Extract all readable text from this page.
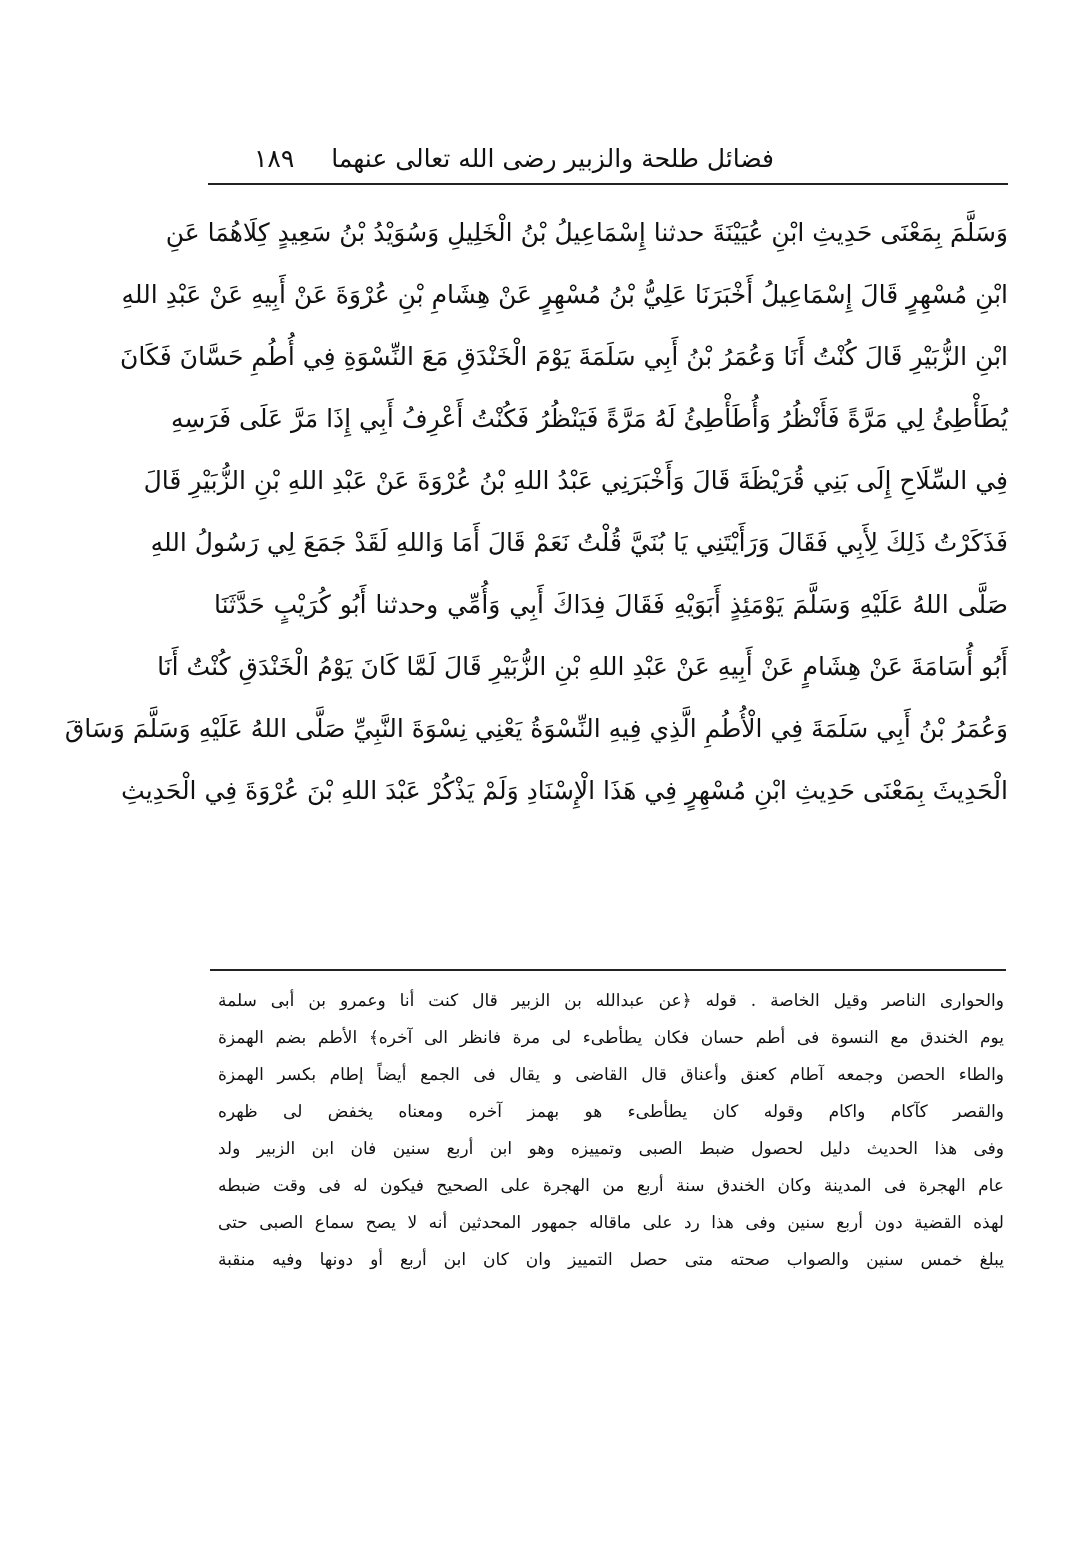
فضائل طلحة والزبير رضى الله تعالى عنهما
١٨٩
وَسَلَّمَ بِمَعْنَى حَدِيثِ ابْنِ عُيَيْنَةَ حدثنا إِسْمَاعِيلُ بْنُ الْخَلِيلِ وَسُوَيْدُ بْنُ سَعِيدٍ كِلَاهُمَا عَنِ
ابْنِ مُسْهِرٍ قَالَ إِسْمَاعِيلُ أَخْبَرَنَا عَلِيُّ بْنُ مُسْهِرٍ عَنْ هِشَامِ بْنِ عُرْوَةَ عَنْ أَبِيهِ عَنْ عَبْدِ اللهِ
ابْنِ الزُّبَيْرِ قَالَ كُنْتُ أَنَا وَعُمَرُ بْنُ أَبِي سَلَمَةَ يَوْمَ الْخَنْدَقِ مَعَ النِّسْوَةِ فِي أُطُمِ حَسَّانَ فَكَانَ
يُطَأْطِئُ لِي مَرَّةً فَأَنْظُرُ وَأُطَأْطِئُ لَهُ مَرَّةً فَيَنْظُرُ فَكُنْتُ أَعْرِفُ أَبِي إِذَا مَرَّ عَلَى فَرَسِهِ
فِي السِّلَاحِ إِلَى بَنِي قُرَيْظَةَ قَالَ وَأَخْبَرَنِي عَبْدُ اللهِ بْنُ عُرْوَةَ عَنْ عَبْدِ اللهِ بْنِ الزُّبَيْرِ قَالَ
فَذَكَرْتُ ذَلِكَ لِأَبِي فَقَالَ وَرَأَيْتَنِي يَا بُنَيَّ قُلْتُ نَعَمْ قَالَ أَمَا وَاللهِ لَقَدْ جَمَعَ لِي رَسُولُ اللهِ
صَلَّى اللهُ عَلَيْهِ وَسَلَّمَ يَوْمَئِذٍ أَبَوَيْهِ فَقَالَ فِدَاكَ أَبِي وَأُمِّي وحدثنا أَبُو كُرَيْبٍ حَدَّثَنَا
أَبُو أُسَامَةَ عَنْ هِشَامٍ عَنْ أَبِيهِ عَنْ عَبْدِ اللهِ بْنِ الزُّبَيْرِ قَالَ لَمَّا كَانَ يَوْمُ الْخَنْدَقِ كُنْتُ أَنَا
وَعُمَرُ بْنُ أَبِي سَلَمَةَ فِي الْأُطُمِ الَّذِي فِيهِ النِّسْوَةُ يَعْنِي نِسْوَةَ النَّبِيِّ صَلَّى اللهُ عَلَيْهِ وَسَلَّمَ وَسَاقَ
الْحَدِيثَ بِمَعْنَى حَدِيثِ ابْنِ مُسْهِرٍ فِي هَذَا الْإِسْنَادِ وَلَمْ يَذْكُرْ عَبْدَ اللهِ بْنَ عُرْوَةَ فِي الْحَدِيثِ
والحوارى الناصر وقيل الخاصة . قوله ﴿عن عبدالله بن الزبير قال كنت أنا وعمرو بن أبى سلمة
يوم الخندق مع النسوة فى أطم حسان فكان يطأطىء لى مرة فانظر الى آخره﴾ الأطم بضم الهمزة
والطاء الحصن وجمعه آطام كعنق وأعناق قال القاضى و يقال فى الجمع أيضاً إطام بكسر الهمزة
والقصر كآكام واكام وقوله كان يطأطىء هو بهمز آخره ومعناه يخفض لى ظهره
وفى هذا الحديث دليل لحصول ضبط الصبى وتمييزه وهو ابن أربع سنين فان ابن الزبير ولد
عام الهجرة فى المدينة وكان الخندق سنة أربع من الهجرة على الصحيح فيكون له فى وقت ضبطه
لهذه القضية دون أربع سنين وفى هذا رد على ماقاله جمهور المحدثين أنه لا يصح سماع الصبى حتى
يبلغ خمس سنين والصواب صحته متى حصل التمييز وان كان ابن أربع أو دونها وفيه منقبة
